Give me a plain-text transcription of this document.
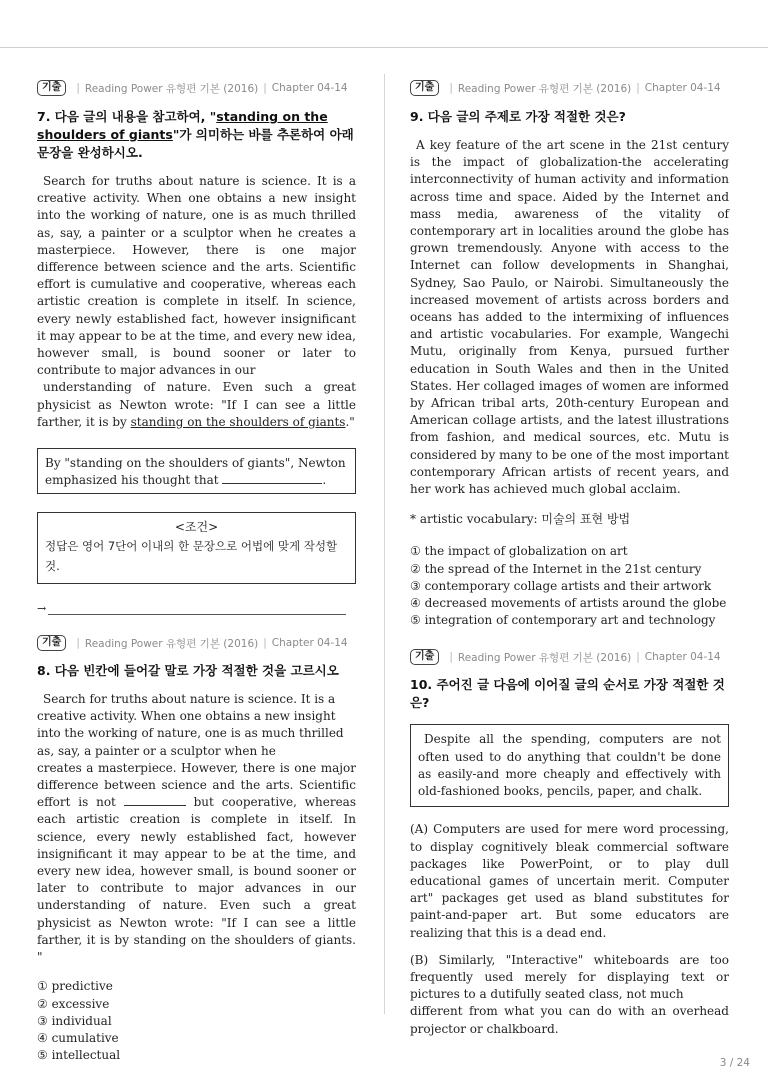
기출	| Reading Power 유형편 기본 (2016) | Chapter 04-14
7. 다음 글의 내용을 참고하여, "standing on the shoulders of giants"가 의미하는 바를 추론하여 아래 문장을 완성하시오.

Search for truths about nature is science. It is a creative activity. When one obtains a new insight into the working of nature, one is as much thrilled as, say, a painter or a sculptor when he creates a masterpiece. However, there is one major difference between science and the arts. Scientific effort is cumulative and cooperative, whereas each artistic creation is complete in itself. In science, every newly established fact, however insignificant it may appear to be at the time, and every new idea, however small, is bound sooner or later to contribute to major advances in our

understanding of nature. Even such a great physicist as Newton wrote: "If I can see a little farther, it is by standing on the shoulders of giants."

By "standing on the shoulders of giants", Newton emphasized his thought that	.
<조건>
정답은 영어 7단어 이내의 한 문장으로 어법에 맞게 작성할 것.
→
기출	| Reading Power 유형편 기본 (2016) | Chapter 04-14
8. 다음 빈칸에 들어갈 말로 가장 적절한 것을 고르시오

Search for truths about nature is science. It is a creative activity. When one obtains a new insight into the working of nature, one is as much thrilled as, say, a painter or a sculptor when he

creates a masterpiece. However, there is one major difference between science and the arts. Scientific effort is not	but cooperative, whereas each artistic creation is complete in itself. In science, every newly established fact, however insignificant it may appear to be at the time, and every new idea, however small, is bound sooner or later to contribute to major advances in our understanding of nature. Even such a great physicist as Newton wrote: "If I can see a little farther, it is by standing on the shoulders of giants. "

① predictive
② excessive
③ individual
④ cumulative
⑤ intellectual
기출	| Reading Power 유형편 기본 (2016) | Chapter 04-14
9. 다음 글의 주제로 가장 적절한 것은?

A key feature of the art scene in the 21st century is the impact of globalization-the accelerating interconnectivity of human activity and information across time and space. Aided by the Internet and mass media, awareness of the vitality of contemporary art in localities around the globe has grown tremendously. Anyone with access to the Internet can follow developments in Shanghai, Sydney, Sao Paulo, or Nairobi. Simultaneously the increased movement of artists across borders and oceans has added to the intermixing of influences and artistic vocabularies. For example, Wangechi Mutu, originally from Kenya, pursued further education in South Wales and then in the United States. Her collaged images of women are informed by African tribal arts, 20th-century European and American collage artists, and the latest illustrations from fashion, and medical sources, etc. Mutu is considered by many to be one of the most important contemporary African artists of recent years, and her work has achieved much global acclaim.

* artistic vocabulary: 미술의 표현 방법
① the impact of globalization on art
② the spread of the Internet in the 21st century
③ contemporary collage artists and their artwork
④ decreased movements of artists around the globe
⑤ integration of contemporary art and technology
기출	| Reading Power 유형편 기본 (2016) | Chapter 04-14
10. 주어진 글 다음에 이어질 글의 순서로 가장 적절한 것은?
Despite all the spending, computers are not often used to do anything that couldn't be done as easily-and more cheaply and effectively with old-fashioned books, pencils, paper, and chalk.

(A) Computers are used for mere word processing, to display cognitively bleak commercial software packages like PowerPoint, or to play dull educational games of uncertain merit. Computer art" packages get used as bland substitutes for paint-and-paper art. But some educators are realizing that this is a dead end.

(B) Similarly, "Interactive" whiteboards are too frequently used merely for displaying text or pictures to a dutifully seated class, not much

different from what you can do with an overhead projector or chalkboard.

3 / 24
